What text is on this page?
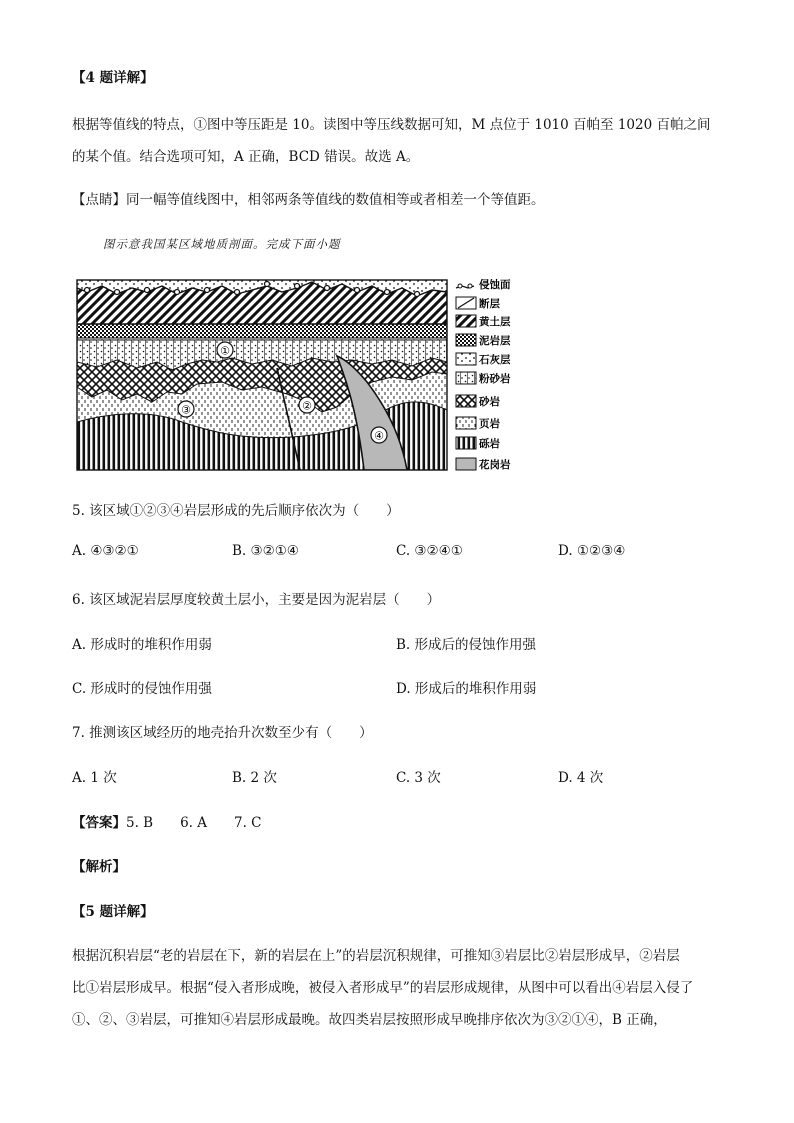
【4 题详解】
根据等值线的特点，①图中等压距是 10。读图中等压线数据可知，M 点位于 1010 百帕至 1020 百帕之间
的某个值。结合选项可知，A 正确，BCD 错误。故选 A。
【点睛】同一幅等值线图中，相邻两条等值线的数值相等或者相差一个等值距。
图示意我国某区域地质剖面。完成下面小题
①
②
③
④
侵蚀面
断层
黄土层
泥岩层
石灰层
粉砂岩
砂岩
页岩
砾岩
花岗岩
5. 该区域①②③④岩层形成的先后顺序依次为（　　）
A. ④③②①	B. ③②①④	C. ③②④①	D. ①②③④
6. 该区域泥岩层厚度较黄土层小，主要是因为泥岩层（　　）
A. 形成时的堆积作用弱	B. 形成后的侵蚀作用强
C. 形成时的侵蚀作用强	D. 形成后的堆积作用弱
7. 推测该区域经历的地壳抬升次数至少有（　　）
A. 1 次	B. 2 次	C. 3 次	D. 4 次
【答案】5. B　　6. A　　7. C
【解析】
【5 题详解】
根据沉积岩层“老的岩层在下，新的岩层在上”的岩层沉积规律，可推知③岩层比②岩层形成早，②岩层
比①岩层形成早。根据“侵入者形成晚，被侵入者形成早”的岩层形成规律，从图中可以看出④岩层入侵了
①、②、③岩层，可推知④岩层形成最晚。故四类岩层按照形成早晚排序依次为③②①④，B 正确，
